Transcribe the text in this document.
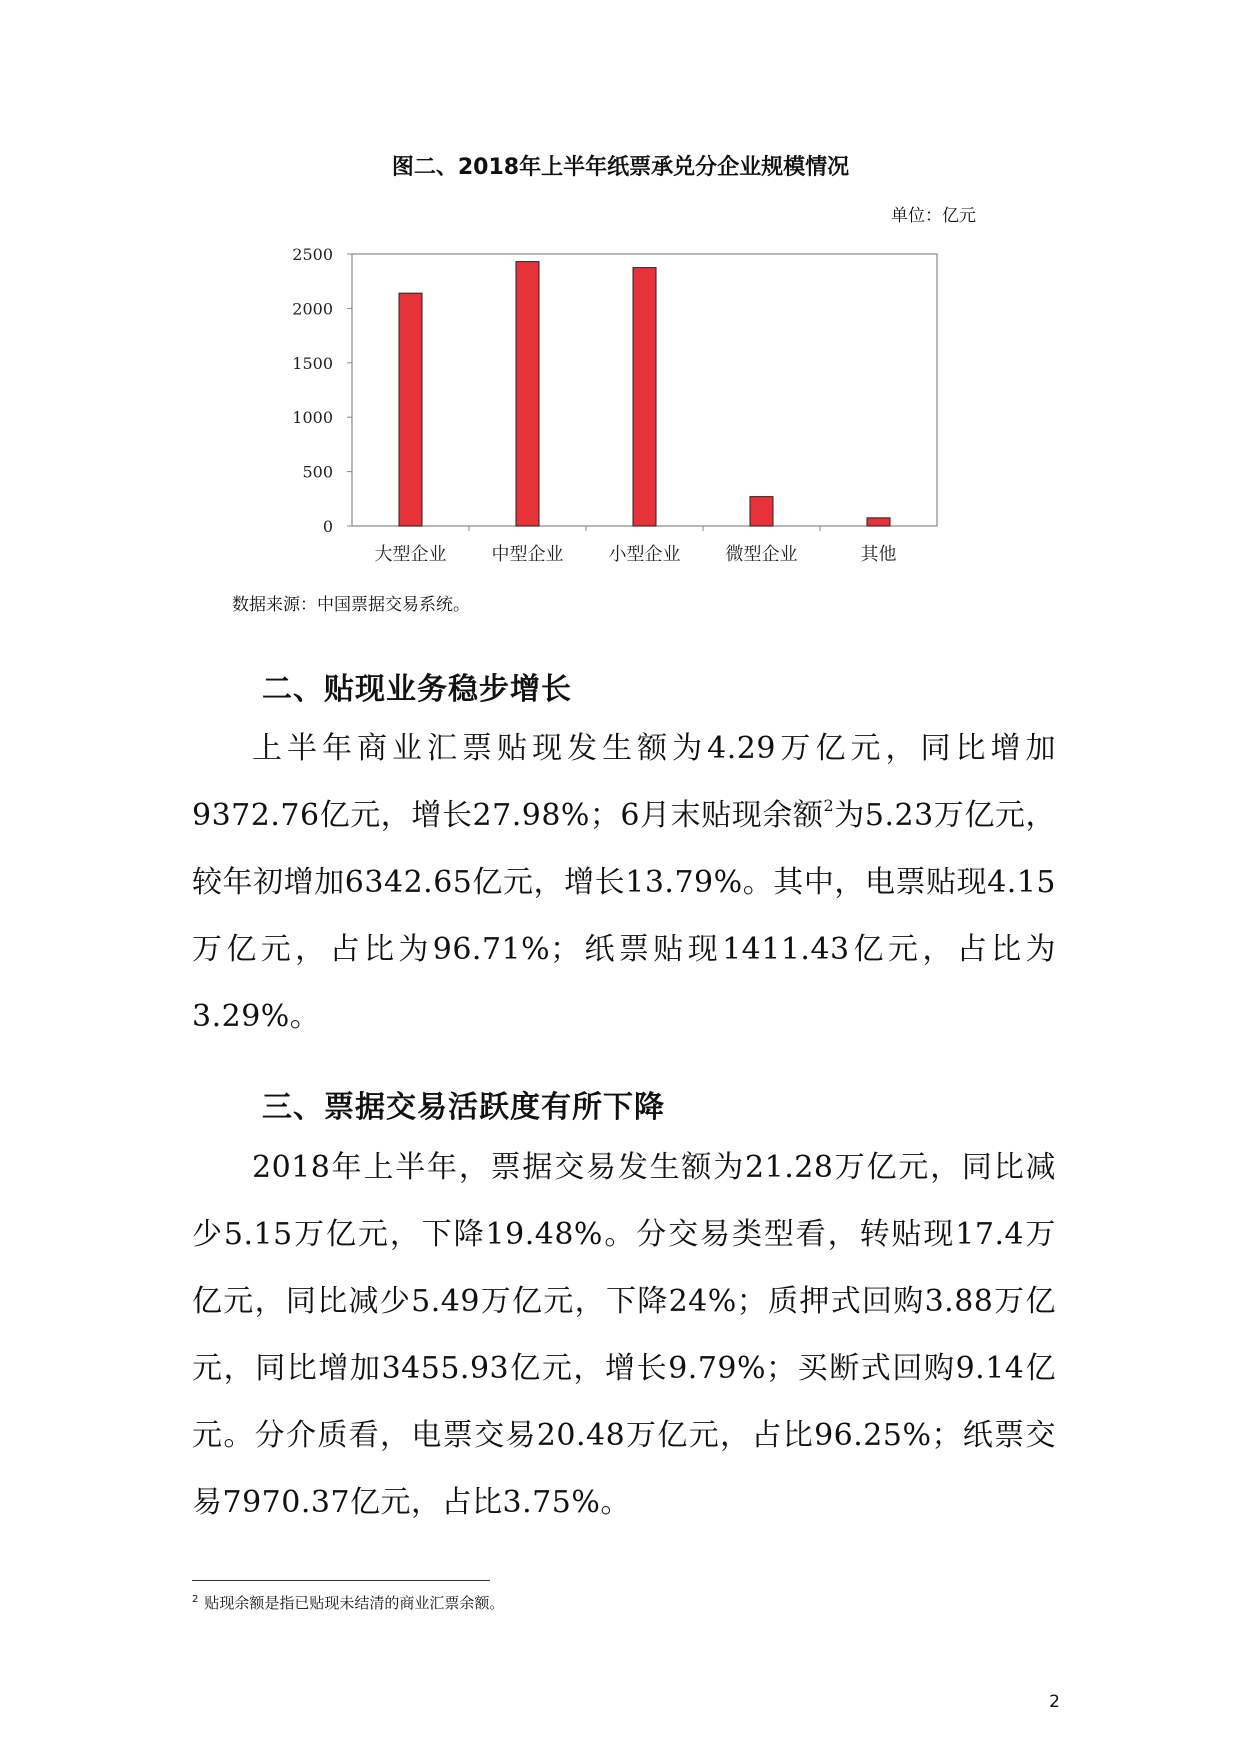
图二、2018年上半年纸票承兑分企业规模情况
单位：亿元
0
500
1000
1500
2000
2500
大型企业	中型企业	小型企业	微型企业	其他
数据来源：中国票据交易系统。
二、贴现业务稳步增长
上半年商业汇票贴现发生额为4.29万亿元，同比增加9372.76亿元，增长27.98%；6月末贴现余额$^2$为5.23万亿元，较年初增加6342.65亿元，增长13.79%。其中，电票贴现4.15万亿元，占比为96.71%；纸票贴现1411.43亿元，占比为3.29%。
三、票据交易活跃度有所下降
2018年上半年，票据交易发生额为21.28万亿元，同比减少5.15万亿元，下降19.48%。分交易类型看，转贴现17.4万亿元，同比减少5.49万亿元，下降24%；质押式回购3.88万亿元，同比增加3455.93亿元，增长9.79%；买断式回购9.14亿元。分介质看，电票交易20.48万亿元，占比96.25%；纸票交易7970.37亿元，占比3.75%。
$^2$ 贴现余额是指已贴现未结清的商业汇票余额。
2
